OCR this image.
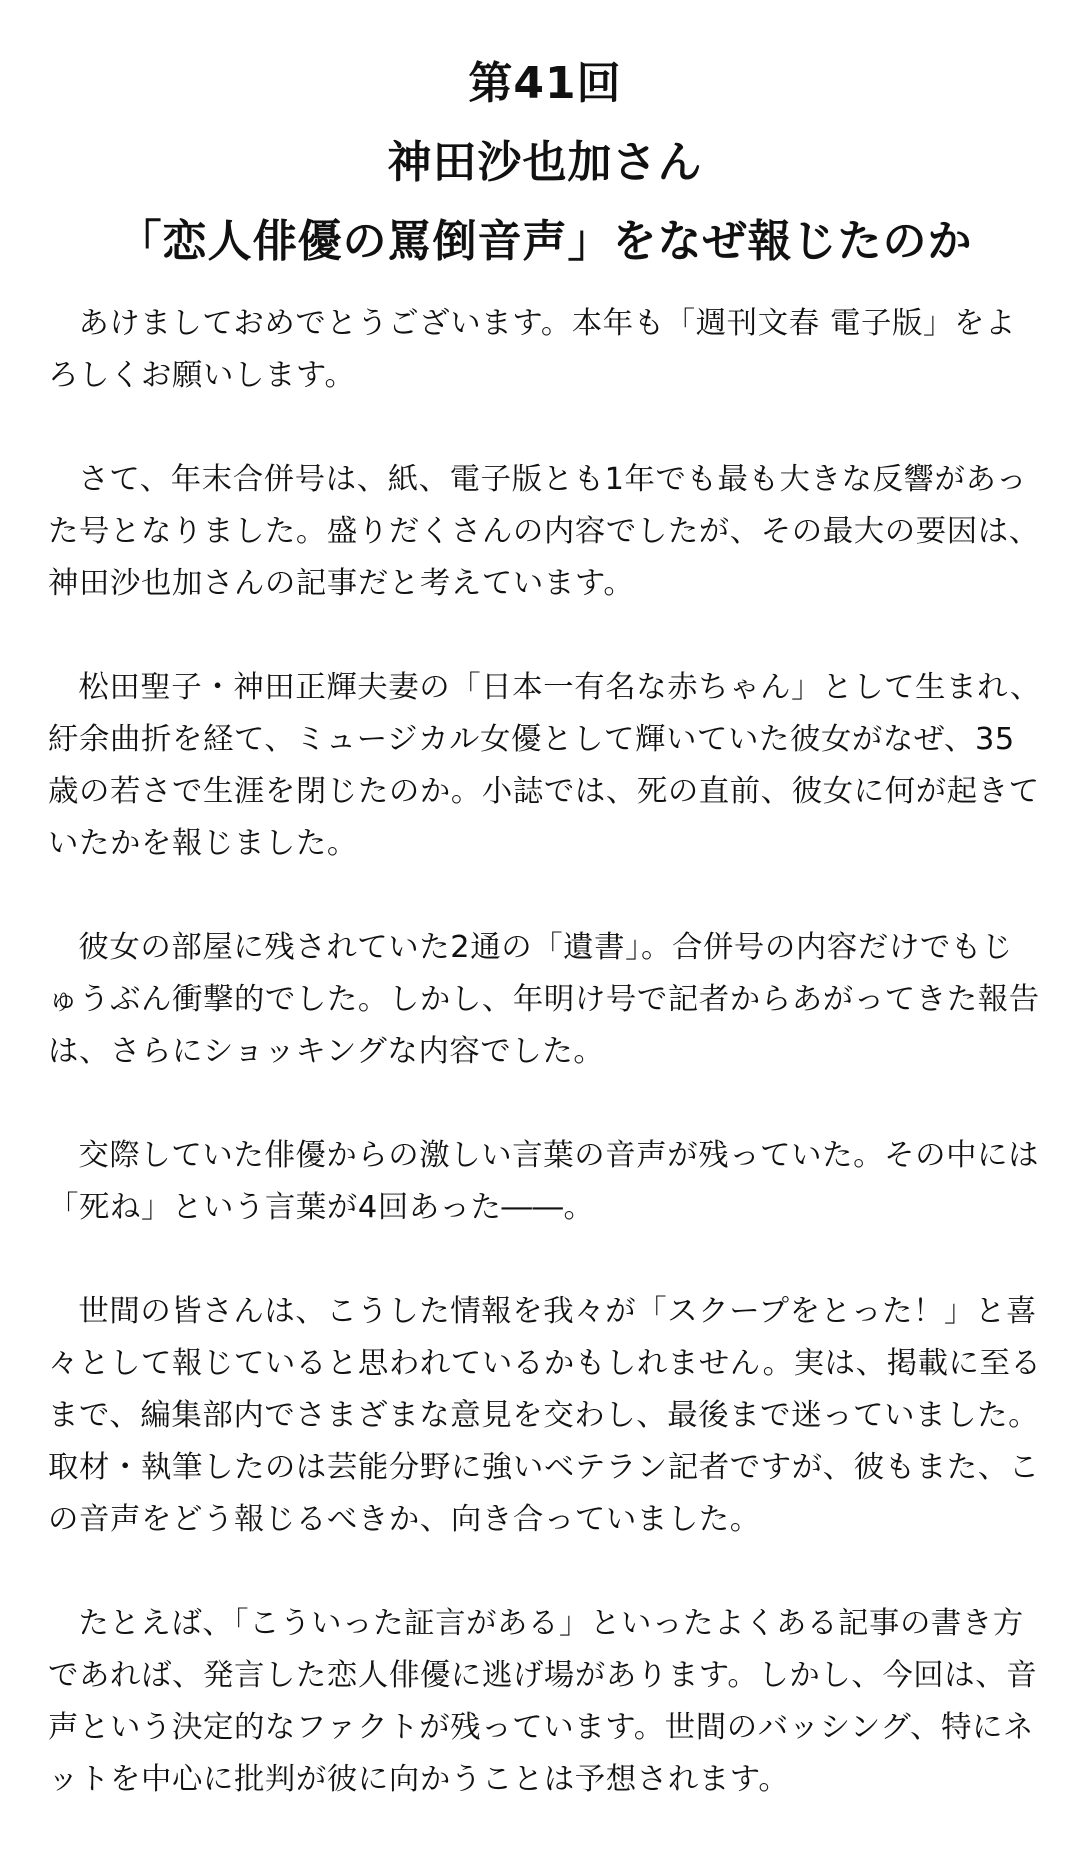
第41回
神田沙也加さん
「恋人俳優の罵倒音声」をなぜ報じたのか

あけましておめでとうございます。本年も「週刊文春 電子版」をよろしくお願いします。

さて、年末合併号は、紙、電子版とも1年でも最も大きな反響があった号となりました。盛りだくさんの内容でしたが、その最大の要因は、神田沙也加さんの記事だと考えています。

松田聖子・神田正輝夫妻の「日本一有名な赤ちゃん」として生まれ、紆余曲折を経て、ミュージカル女優として輝いていた彼女がなぜ、35歳の若さで生涯を閉じたのか。小誌では、死の直前、彼女に何が起きていたかを報じました。

彼女の部屋に残されていた2通の「遺書」。合併号の内容だけでもじゅうぶん衝撃的でした。しかし、年明け号で記者からあがってきた報告は、さらにショッキングな内容でした。

交際していた俳優からの激しい言葉の音声が残っていた。その中には「死ね」という言葉が4回あった――。

世間の皆さんは、こうした情報を我々が「スクープをとった！」と喜々として報じていると思われているかもしれません。実は、掲載に至るまで、編集部内でさまざまな意見を交わし、最後まで迷っていました。取材・執筆したのは芸能分野に強いベテラン記者ですが、彼もまた、この音声をどう報じるべきか、向き合っていました。

たとえば、「こういった証言がある」といったよくある記事の書き方であれば、発言した恋人俳優に逃げ場があります。しかし、今回は、音声という決定的なファクトが残っています。世間のバッシング、特にネットを中心に批判が彼に向かうことは予想されます。
